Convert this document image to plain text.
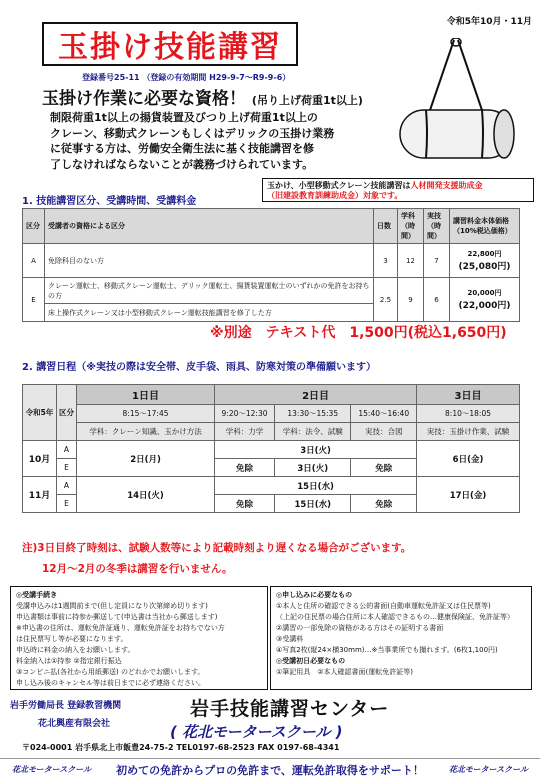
令和5年10月・11月
玉掛け技能講習
登録番号25-11 （登録の有効期間 H29-9-7～R9-9-6）
玉掛け作業に必要な資格！ (吊り上げ荷重1t以上)
制限荷重1t以上の揚貨装置及びつり上げ荷重1t以上の
クレーン、移動式クレーンもしくはデリックの玉掛け業務
に従事する方は、労働安全衛生法に基く技能講習を修
了しなければならないことが義務づけられています。
1. 技能講習区分、受講時間、受講料金
玉かけ、小型移動式クレーン技能講習は人材開発支援助成金
（旧建設教育訓練助成金）対象です。
区分	受講者の資格による区分	日数	学科（時間）	実技（時間）	講習料金本体価格（10%税込価格）
A	免除科目のない方	3	12	7	22,800円
(25,080円)
E	クレーン運転士、移動式クレーン運転士、デリック運転士、揚貨装置運転士のいずれかの免許をお持ちの方	2.5	9	6	20,000円
(22,000円)
	床上操作式クレーン又は小型移動式クレーン運転技能講習を修了した方				
※別途　テキスト代　1,500円(税込1,650円)
2. 講習日程（※実技の際は安全帯、皮手袋、雨具、防寒対策の準備願います）
令和5年	区分	1日目	2日目			3日目
		8:15～17:45	9:20～12:30	13:30～15:35	15:40～16:40	8:10～18:05
		学科：クレーン知識、玉かけ方法	学科：力学	学科：法令、試験	実技：合図	実技：玉掛け作業、試験
10月	A	2日(月)	3日(火)			6日(金)
	E		免除	3日(火)	免除	
11月	A	14日(火)	15日(水)			17日(金)
	E		免除	15日(水)	免除	
注)3日目終了時刻は、試験人数等により記載時刻より遅くなる場合がございます。
12月～2月の冬季は講習を行いません。
◎受講手続き
受講申込みは1週間前まで(但し定員になり次第締め切ります)
申込書類は事前に持参か郵送して(申込書は当社から郵送します)
※申込書の住所は、運転免許証通り、運転免許証をお持ちでない方
は住民票写し等が必要になります。
申込時に料金の納入をお願いします。
料金納入は①持参 ②指定銀行振込
③コンビニ払(各社から用紙郵送) のどれかでお願いします。
申し込み後のキャンセル等は前日までに必ず連絡ください。
◎申し込みに必要なもの
①本人と住所の確認できる公的書面(自動車運転免許証又は住民票等)
（上記の住民票の場合住所に本人確認できるもの…健康保険証、免許証等）
②講習の一部免除の資格がある方はその証明する書面
③受講料
④写真2枚(縦24×横30mm)…※当事業所でも撮れます。(6枚1,100円)
◎受講初日必要なもの
①筆記用具　②本人確認書面(運転免許証等)
岩手労働局長 登録教習機関
花北興産有限会社
岩手技能講習センター
( 花北モータースクール )
〒024-0001 岩手県北上市飯豊24-75-2 TEL0197-68-2523 FAX 0197-68-4341
花北モータースクール 初めての免許からプロの免許まで、運転免許取得をサポート！	花北モータースクール
